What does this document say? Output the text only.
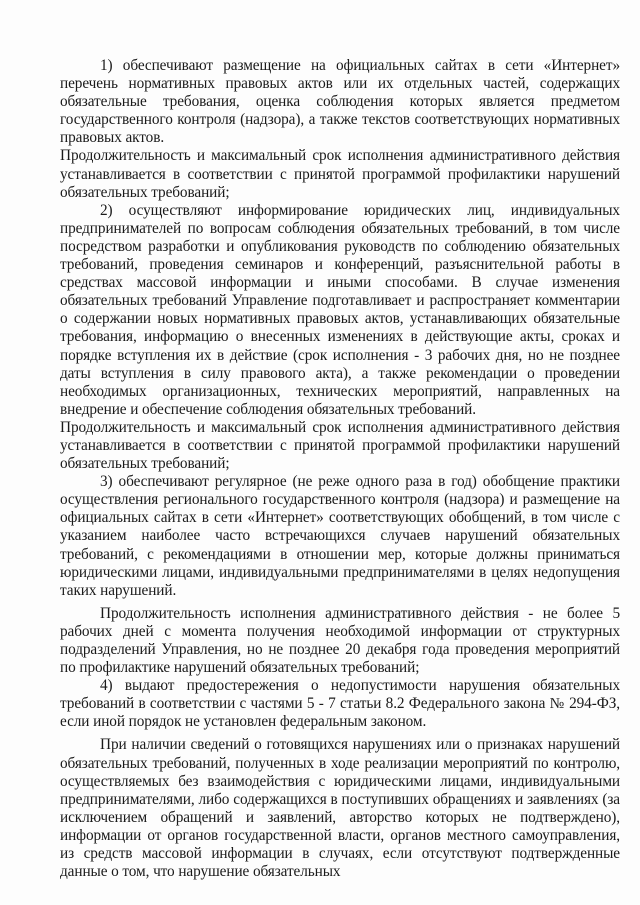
1) обеспечивают размещение на официальных сайтах в сети «Интернет» перечень нормативных правовых актов или их отдельных частей, содержащих обязательные требования, оценка соблюдения которых является предметом государственного контроля (надзора), а также текстов соответствующих нормативных правовых актов.

Продолжительность и максимальный срок исполнения административного действия устанавливается в соответствии с принятой программой профилактики нарушений обязательных требований;

2) осуществляют информирование юридических лиц, индивидуальных предпринимателей по вопросам соблюдения обязательных требований, в том числе посредством разработки и опубликования руководств по соблюдению обязательных требований, проведения семинаров и конференций, разъяснительной работы в средствах массовой информации и иными способами. В случае изменения обязательных требований Управление подготавливает и распространяет комментарии о содержании новых нормативных правовых актов, устанавливающих обязательные требования, информацию о внесенных изменениях в действующие акты, сроках и порядке вступления их в действие (срок исполнения - 3 рабочих дня, но не позднее даты вступления в силу правового акта), а также рекомендации о проведении необходимых организационных, технических мероприятий, направленных на внедрение и обеспечение соблюдения обязательных требований.

Продолжительность и максимальный срок исполнения административного действия устанавливается в соответствии с принятой программой профилактики нарушений обязательных требований;

3) обеспечивают регулярное (не реже одного раза в год) обобщение практики осуществления регионального государственного контроля (надзора) и размещение на официальных сайтах в сети «Интернет» соответствующих обобщений, в том числе с указанием наиболее часто встречающихся случаев нарушений обязательных требований, с рекомендациями в отношении мер, которые должны приниматься юридическими лицами, индивидуальными предпринимателями в целях недопущения таких нарушений.

Продолжительность исполнения административного действия - не более 5 рабочих дней с момента получения необходимой информации от структурных подразделений Управления, но не позднее 20 декабря года проведения мероприятий по профилактике нарушений обязательных требований;

4) выдают предостережения о недопустимости нарушения обязательных требований в соответствии с частями 5 - 7 статьи 8.2 Федерального закона № 294-ФЗ, если иной порядок не установлен федеральным законом.

При наличии сведений о готовящихся нарушениях или о признаках нарушений обязательных требований, полученных в ходе реализации мероприятий по контролю, осуществляемых без взаимодействия с юридическими лицами, индивидуальными предпринимателями, либо содержащихся в поступивших обращениях и заявлениях (за исключением обращений и заявлений, авторство которых не подтверждено), информации от органов государственной власти, органов местного самоуправления, из средств массовой информации в случаях, если отсутствуют подтвержденные данные о том, что нарушение обязательных
